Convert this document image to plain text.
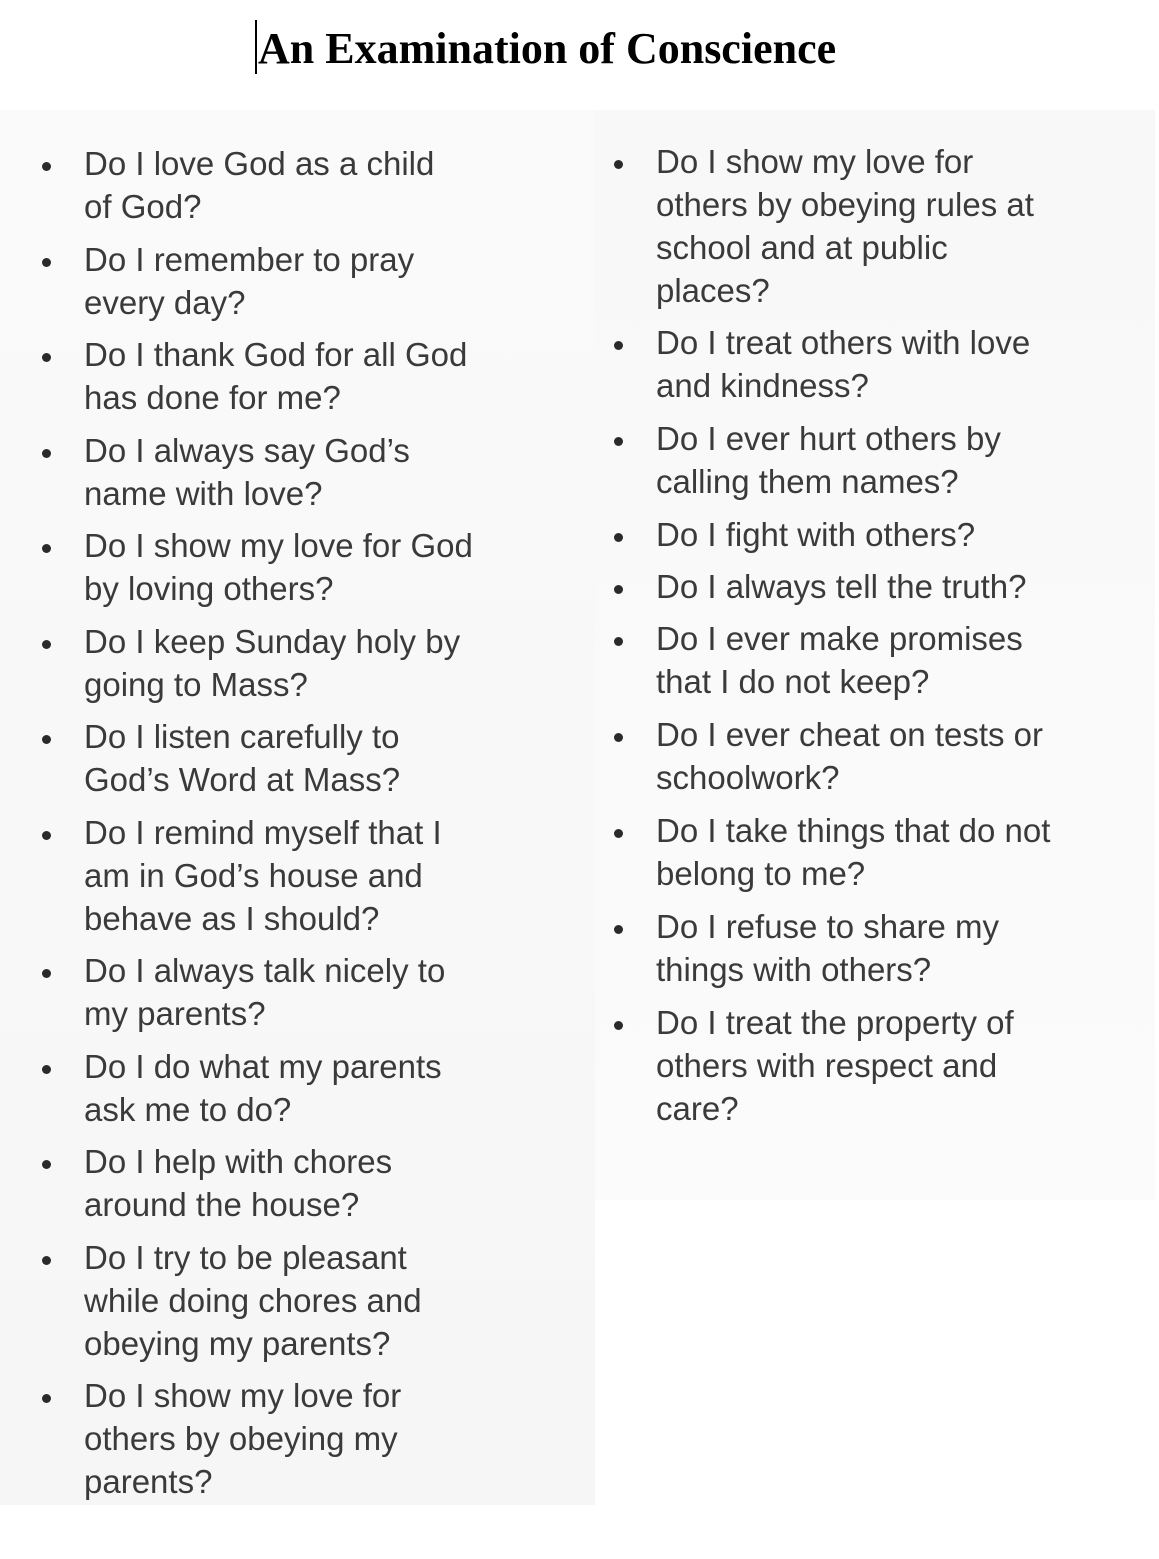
An Examination of Conscience
Do I love God as a child
of God?
Do I remember to pray
every day?
Do I thank God for all God
has done for me?
Do I always say God’s
name with love?
Do I show my love for God
by loving others?
Do I keep Sunday holy by
going to Mass?
Do I listen carefully to
God’s Word at Mass?
Do I remind myself that I
am in God’s house and
behave as I should?
Do I always talk nicely to
my parents?
Do I do what my parents
ask me to do?
Do I help with chores
around the house?
Do I try to be pleasant
while doing chores and
obeying my parents?
Do I show my love for
others by obeying my
parents?
Do I show my love for
others by obeying rules at
school and at public
places?
Do I treat others with love
and kindness?
Do I ever hurt others by
calling them names?
Do I fight with others?
Do I always tell the truth?
Do I ever make promises
that I do not keep?
Do I ever cheat on tests or
schoolwork?
Do I take things that do not
belong to me?
Do I refuse to share my
things with others?
Do I treat the property of
others with respect and
care?
